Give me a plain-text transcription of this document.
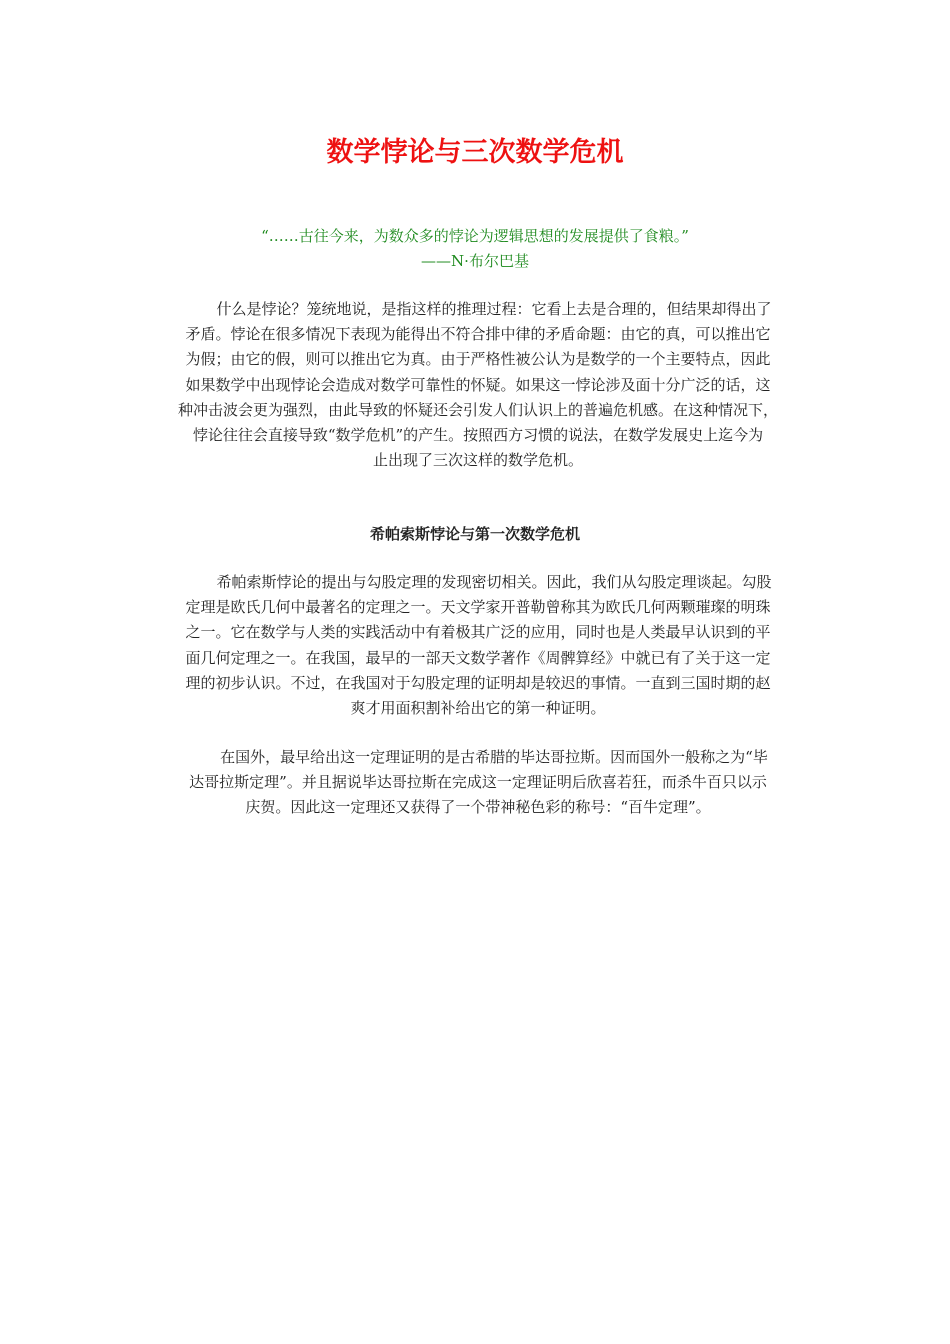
数学悖论与三次数学危机
“……古往今来，为数众多的悖论为逻辑思想的发展提供了食粮。”
——N·布尔巴基
什么是悖论？笼统地说，是指这样的推理过程：它看上去是合理的，但结果却得出了
矛盾。悖论在很多情况下表现为能得出不符合排中律的矛盾命题：由它的真，可以推出它
为假；由它的假，则可以推出它为真。由于严格性被公认为是数学的一个主要特点，因此
如果数学中出现悖论会造成对数学可靠性的怀疑。如果这一悖论涉及面十分广泛的话，这
种冲击波会更为强烈，由此导致的怀疑还会引发人们认识上的普遍危机感。在这种情况下，
悖论往往会直接导致“数学危机”的产生。按照西方习惯的说法，在数学发展史上迄今为
止出现了三次这样的数学危机。
希帕索斯悖论与第一次数学危机
希帕索斯悖论的提出与勾股定理的发现密切相关。因此，我们从勾股定理谈起。勾股
定理是欧氏几何中最著名的定理之一。天文学家开普勒曾称其为欧氏几何两颗璀璨的明珠
之一。它在数学与人类的实践活动中有着极其广泛的应用，同时也是人类最早认识到的平
面几何定理之一。在我国，最早的一部天文数学著作《周髀算经》中就已有了关于这一定
理的初步认识。不过，在我国对于勾股定理的证明却是较迟的事情。一直到三国时期的赵
爽才用面积割补给出它的第一种证明。
在国外，最早给出这一定理证明的是古希腊的毕达哥拉斯。因而国外一般称之为“毕
达哥拉斯定理”。并且据说毕达哥拉斯在完成这一定理证明后欣喜若狂，而杀牛百只以示
庆贺。因此这一定理还又获得了一个带神秘色彩的称号：“百牛定理”。
